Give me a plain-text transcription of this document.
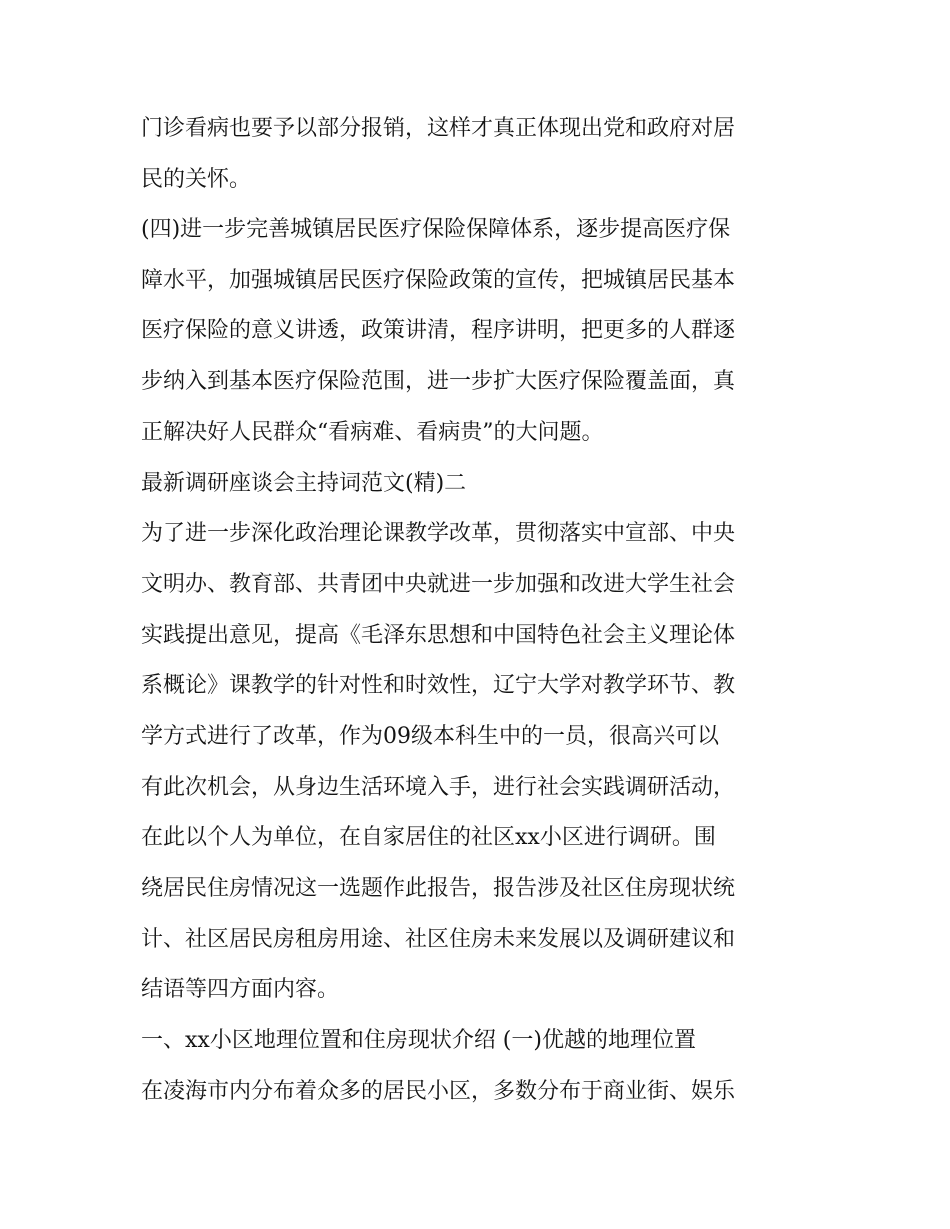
门诊看病也要予以部分报销，这样才真正体现出党和政府对居
民的关怀。
(四)进一步完善城镇居民医疗保险保障体系，逐步提高医疗保
障水平，加强城镇居民医疗保险政策的宣传，把城镇居民基本
医疗保险的意义讲透，政策讲清，程序讲明，把更多的人群逐
步纳入到基本医疗保险范围，进一步扩大医疗保险覆盖面，真
正解决好人民群众“看病难、看病贵”的大问题。
最新调研座谈会主持词范文(精)二
为了进一步深化政治理论课教学改革，贯彻落实中宣部、中央
文明办、教育部、共青团中央就进一步加强和改进大学生社会
实践提出意见，提高《毛泽东思想和中国特色社会主义理论体
系概论》课教学的针对性和时效性，辽宁大学对教学环节、教
学方式进行了改革，作为09级本科生中的一员，很高兴可以
有此次机会，从身边生活环境入手，进行社会实践调研活动，
在此以个人为单位，在自家居住的社区xx小区进行调研。围
绕居民住房情况这一选题作此报告，报告涉及社区住房现状统
计、社区居民房租房用途、社区住房未来发展以及调研建议和
结语等四方面内容。
一、xx小区地理位置和住房现状介绍 (一)优越的地理位置
在凌海市内分布着众多的居民小区，多数分布于商业街、娱乐
